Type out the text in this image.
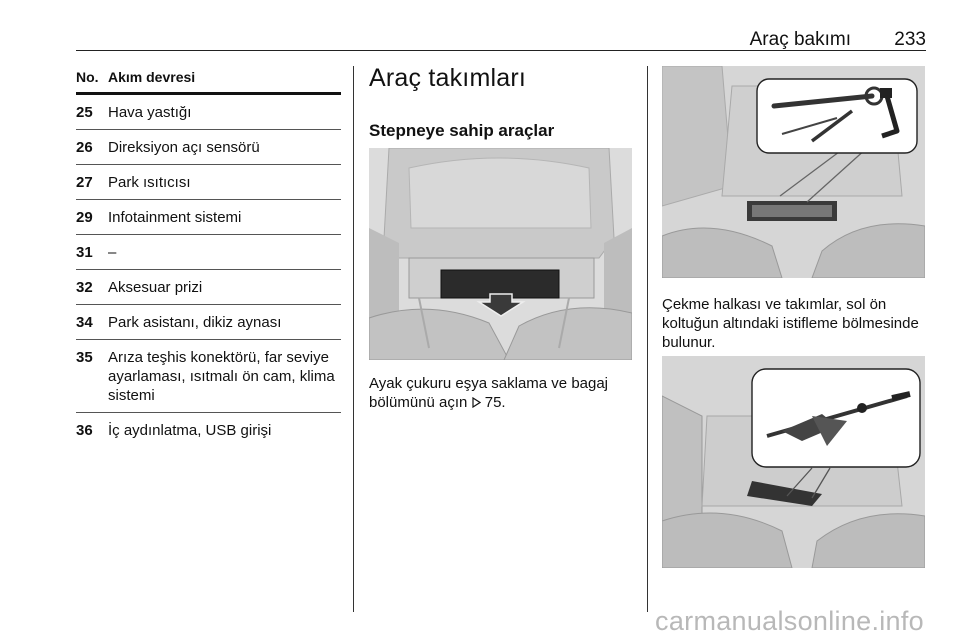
Araç bakımı 233
No. Akım devresi
25 Hava yastığı
26 Direksiyon açı sensörü
27 Park ısıtıcısı
29 Infotainment sistemi
31 –
32 Aksesuar prizi
34 Park asistanı, dikiz aynası
35 Arıza teşhis konektörü, far seviye ayarlaması, ısıtmalı ön cam, klima sistemi
36 İç aydınlatma, USB girişi
Araç takımları
Stepneye sahip araçlar
Ayak çukuru eşya saklama ve bagaj bölümünü açın 75.
Çekme halkası ve takımlar, sol ön koltuğun altındaki istifleme bölmesinde bulunur.
carmanualsonline.info
